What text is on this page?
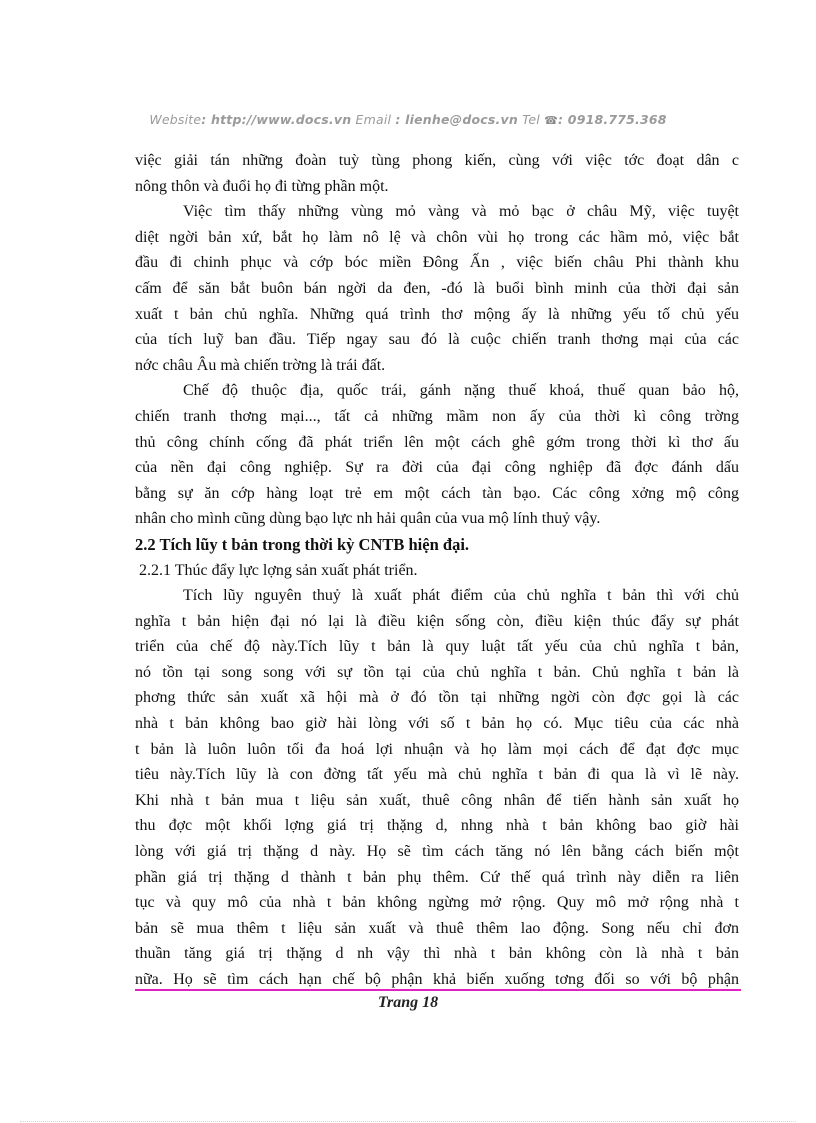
Website: http://www.docs.vn Email : lienhe@docs.vn Tel ☎: 0918.775.368
việc giải tán những đoàn tuỳ tùng phong kiến, cùng với việc tớc đoạt dân c
nông thôn và đuổi họ đi từng phần một.
Việc tìm thấy những vùng mỏ vàng và mỏ bạc ở châu Mỹ, việc tuyệt
diệt ngời bản xứ, bắt họ làm nô lệ và chôn vùi họ trong các hầm mỏ, việc bắt
đầu đi chinh phục và cớp bóc miền Đông Ấn , việc biến châu Phi thành khu
cấm để săn bắt buôn bán ngời da đen, -đó là buổi bình minh của thời đại sản
xuất t bản chủ nghĩa. Những quá trình thơ mộng ấy là những yếu tố chủ yếu
của tích luỹ ban đầu. Tiếp ngay sau đó là cuộc chiến tranh thơng mại của các
nớc châu Âu mà chiến trờng là trái đất.
Chế độ thuộc địa, quốc trái, gánh nặng thuế khoá, thuế quan bảo hộ,
chiến tranh thơng mại..., tất cả những mầm non ấy của thời kì công trờng
thủ công chính cống đã phát triển lên một cách ghê gớm trong thời kì thơ ấu
của nền đại công nghiệp. Sự ra đời của đại công nghiệp đã đợc đánh dấu
bằng sự ăn cớp hàng loạt trẻ em một cách tàn bạo. Các công xởng mộ công
nhân cho mình cũng dùng bạo lực nh hải quân của vua mộ lính thuỷ vậy.
2.2 Tích lũy t bản trong thời kỳ CNTB hiện đại.
2.2.1 Thúc đẩy lực lợng sản xuất phát triển.
Tích lũy nguyên thuỷ là xuất phát điểm của chủ nghĩa t bản thì với chủ
nghĩa t bản hiện đại nó lại là điều kiện sống còn, điều kiện thúc đẩy sự phát
triển của chế độ này.Tích lũy t bản là quy luật tất yếu của chủ nghĩa t bản,
nó tồn tại song song với sự tồn tại của chủ nghĩa t bản. Chủ nghĩa t bản là
phơng thức sản xuất xã hội mà ở đó tồn tại những ngời còn đợc gọi là các
nhà t bản không bao giờ hài lòng với số t bản họ có. Mục tiêu của các nhà
t bản là luôn luôn tối đa hoá lợi nhuận và họ làm mọi cách để đạt đợc mục
tiêu này.Tích lũy là con đờng tất yếu mà chủ nghĩa t bản đi qua là vì lẽ này.
Khi nhà t bản mua t liệu sản xuất, thuê công nhân để tiến hành sản xuất họ
thu đợc một khối lợng giá trị thặng d, nhng nhà t bản không bao giờ hài
lòng với giá trị thặng d này. Họ sẽ tìm cách tăng nó lên bằng cách biến một
phần giá trị thặng d thành t bản phụ thêm. Cứ thế quá trình này diễn ra liên
tục và quy mô của nhà t bản không ngừng mở rộng. Quy mô mở rộng nhà t
bản sẽ mua thêm t liệu sản xuất và thuê thêm lao động. Song nếu chỉ đơn
thuần tăng giá trị thặng d nh vậy thì nhà t bản không còn là nhà t bản
nữa. Họ sẽ tìm cách hạn chế bộ phận khả biến xuống tơng đối so với bộ phận
Trang 18
